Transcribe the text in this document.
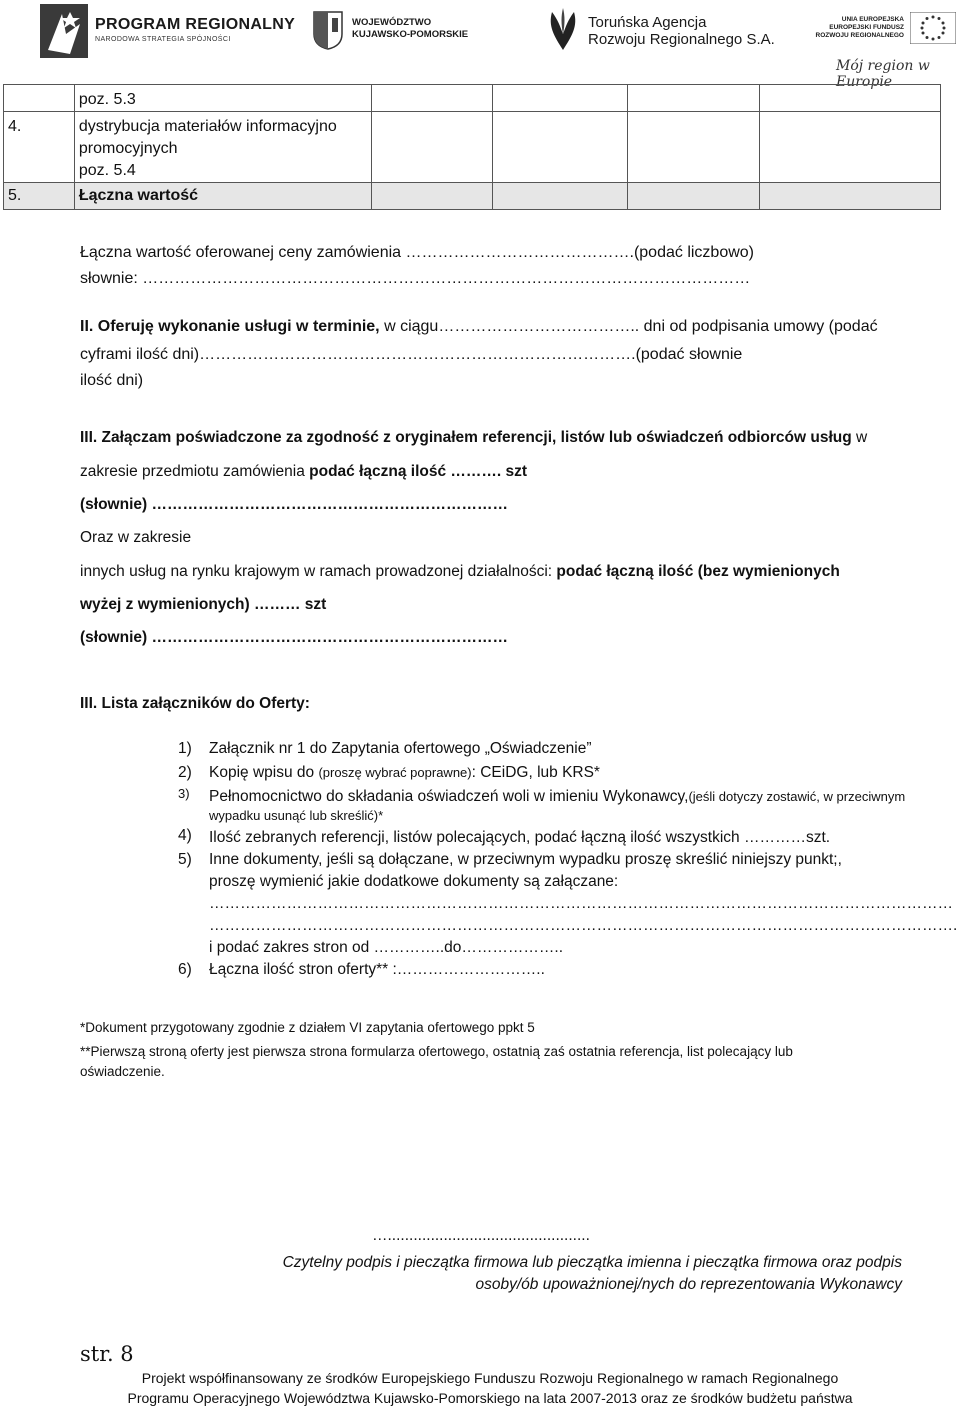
PROGRAM REGIONALNY
NARODOWA STRATEGIA SPÓJNOŚCI
WOJEWÓDZTWO
KUJAWSKO-POMORSKIE
Toruńska Agencja
Rozwoju Regionalnego S.A.
UNIA EUROPEJSKA
EUROPEJSKI FUNDUSZ
ROZWOJU REGIONALNEGO
Mój region w Europie
	poz. 5.3				
4.	dystrybucja materiałów informacyjno
promocyjnych
poz. 5.4				

5.	Łączna wartość				
Łączna wartość oferowanej ceny zamówienia …………………………………….(podać liczbowo)
słownie: ……………………………………………………………………………………………………
II. Oferuję wykonanie usługi w terminie, w ciągu……………………………….. dni od podpisania umowy (podać
cyframi ilość dni)……………………………………………………………………….(podać słownie
ilość dni)
III. Załączam poświadczone za zgodność z oryginałem referencji, listów lub oświadczeń odbiorców usług w
zakresie przedmiotu zamówienia podać łączną ilość ………. szt
(słownie) ……………………………………………………………
Oraz w zakresie
innych usług na rynku krajowym w ramach prowadzonej działalności: podać łączną ilość (bez wymienionych
wyżej z wymienionych) ……… szt
(słownie) ……………………………………………………………
III. Lista załączników do Oferty:
1) Załącznik nr 1 do Zapytania ofertowego „Oświadczenie”
2) Kopię wpisu do (proszę wybrać poprawne): CEiDG, lub KRS*
3) Pełnomocnictwo do składania oświadczeń woli w imieniu Wykonawcy,(jeśli dotyczy zostawić, w przeciwnym wypadku usunąć lub skreślić)*
4) Ilość zebranych referencji, listów polecających, podać łączną ilość wszystkich …………szt.
5) Inne dokumenty, jeśli są dołączane, w przeciwnym wypadku proszę skreślić niniejszy punkt;,
proszę wymienić jakie dodatkowe dokumenty są załączane:
………………………………………………………………………………………………………………………………
……………………………………………………………………………………………………………………………….
i podać zakres stron od …………..do………………..
6) Łączna ilość stron oferty** :………………………..
*Dokument przygotowany zgodnie z działem VI zapytania ofertowego ppkt 5
**Pierwszą stroną oferty jest pierwsza strona formularza ofertowego, ostatnią zaś ostatnia referencja, list polecający lub
oświadczenie.
…...............................................
Czytelny podpis i pieczątka firmowa lub pieczątka imienna i pieczątka firmowa oraz podpis
osoby/ób upoważnionej/nych do reprezentowania Wykonawcy
str. 8
Projekt współfinansowany ze środków Europejskiego Funduszu Rozwoju Regionalnego w ramach Regionalnego
Programu Operacyjnego Województwa Kujawsko-Pomorskiego na lata 2007-2013 oraz ze środków budżetu państwa
